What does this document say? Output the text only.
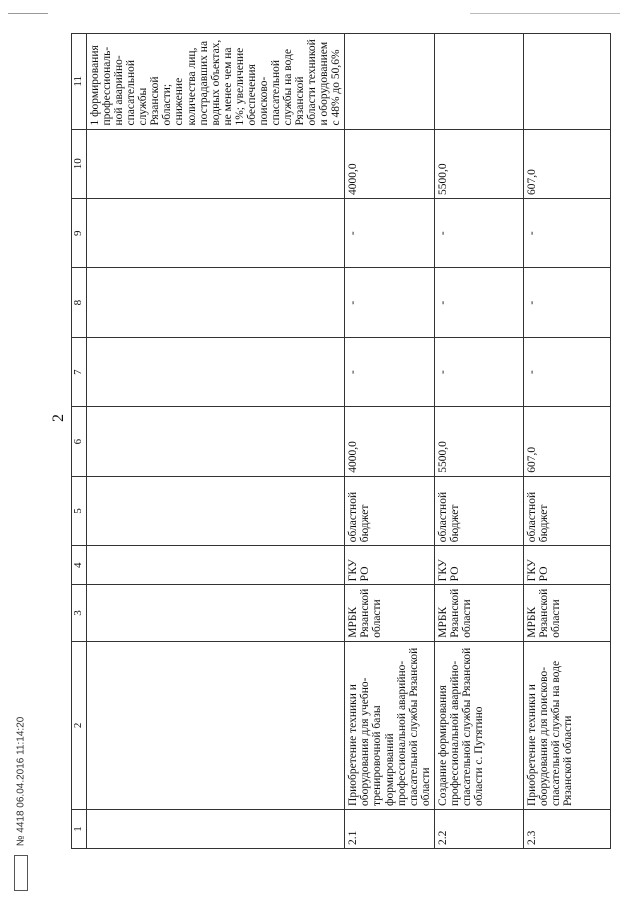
2
1	2	3	4	5	6	7	8	9	10	11
										1 формирования профессиональ-ной аварийно-спасательной службы Рязанской области; снижение количества лиц, пострадавших на водных объектах, не менее чем на 1%; увеличение обеспечения поисково-спасательной службы на воде Рязанской области техникой и оборудованием с 48% до 50,6%
2.1	Приобретение техники и оборудования для учебно-тренировочной базы формирований профессиональной аварийно-спасательной службы Рязанской области	МРБК Рязанской области	ГКУ РО	областной бюджет	4000,0	-	-	-	4000,0	
2.2	Создание формирования профессиональной аварийно-спасательной службы Рязанской области с. Путятино	МРБК Рязанской области	ГКУ РО	областной бюджет	5500,0	-	-	-	5500,0	
2.3	Приобретение техники и оборудования для поисково-спасательной службы на воде Рязанской области	МРБК Рязанской области	ГКУ РО	областной бюджет	607,0	-	-	-	607,0	
№ 4418 06.04.2016 11:14:20
